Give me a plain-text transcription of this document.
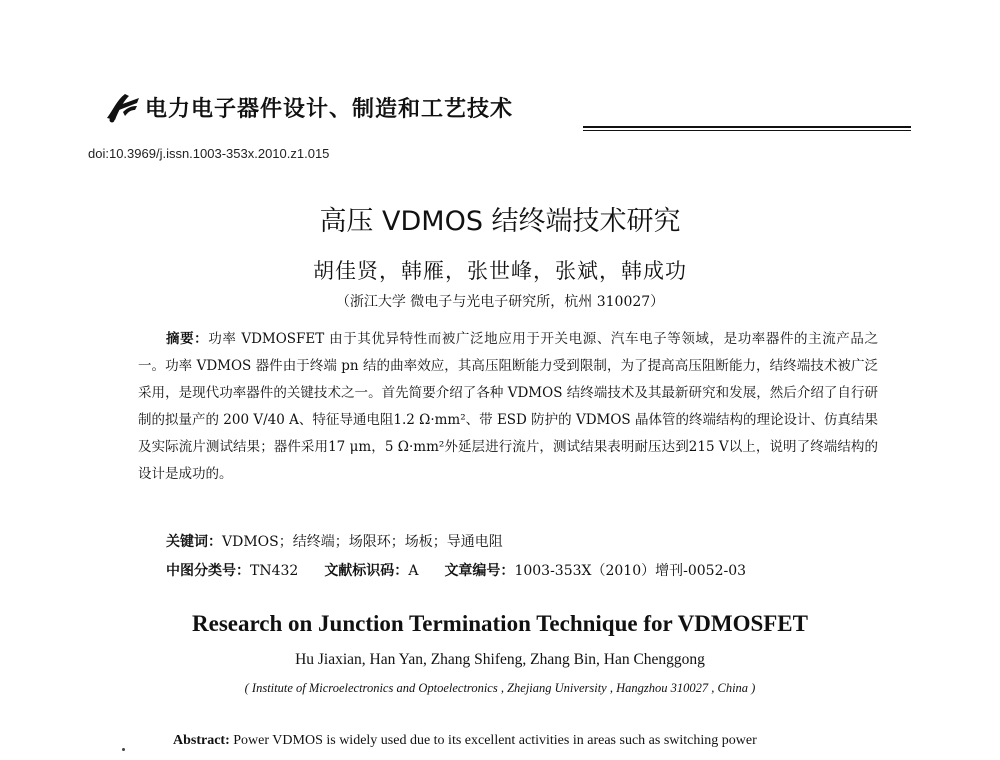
电力电子器件设计、制造和工艺技术
doi:10.3969/j.issn.1003-353x.2010.z1.015
高压 VDMOS 结终端技术研究
胡佳贤，韩雁，张世峰，张斌，韩成功
（浙江大学 微电子与光电子研究所，杭州 310027）

摘要：功率 VDMOSFET 由于其优异特性而被广泛地应用于开关电源、汽车电子等领域，是功率器件的主流产品之一。功率 VDMOS 器件由于终端 pn 结的曲率效应，其高压阻断能力受到限制，为了提高高压阻断能力，结终端技术被广泛采用，是现代功率器件的关键技术之一。首先简要介绍了各种 VDMOS 结终端技术及其最新研究和发展，然后介绍了自行研制的拟量产的 200 V/40 A、特征导通电阻1.2 Ω·mm²、带 ESD 防护的 VDMOS 晶体管的终端结构的理论设计、仿真结果及实际流片测试结果；器件采用17 μm，5 Ω·mm²外延层进行流片，测试结果表明耐压达到215 V以上，说明了终端结构的设计是成功的。

关键词：VDMOS；结终端；场限环；场板；导通电阻
中图分类号：TN432 文献标识码：A 文章编号：1003-353X（2010）增刊-0052-03
Research on Junction Termination Technique for VDMOSFET
Hu Jiaxian, Han Yan, Zhang Shifeng, Zhang Bin, Han Chenggong
( Institute of Microelectronics and Optoelectronics , Zhejiang University , Hangzhou 310027 , China )
Abstract: Power VDMOS is widely used due to its excellent activities in areas such as switching power
